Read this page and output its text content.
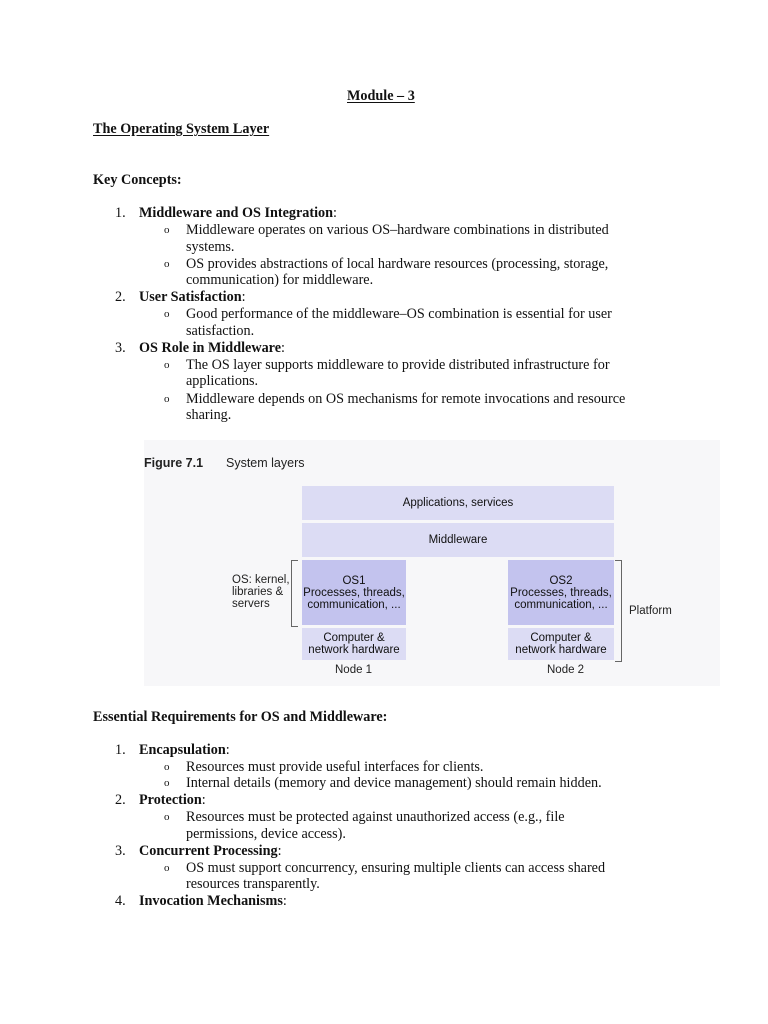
Module – 3
The Operating System Layer
Key Concepts:
1. Middleware and OS Integration:
o Middleware operates on various OS–hardware combinations in distributed
systems.
o OS provides abstractions of local hardware resources (processing, storage,
communication) for middleware.
2. User Satisfaction:
o Good performance of the middleware–OS combination is essential for user
satisfaction.
3. OS Role in Middleware:
o The OS layer supports middleware to provide distributed infrastructure for
applications.
o Middleware depends on OS mechanisms for remote invocations and resource
sharing.
Figure 7.1 System layers
Applications, services
Middleware
OS1
Processes, threads,
communication, ...
Computer &
network hardware
OS2
Processes, threads,
communication, ...
Computer &
network hardware
OS: kernel,
libraries &
servers
Platform
Node 1	Node 2
Essential Requirements for OS and Middleware:
1. Encapsulation:
o Resources must provide useful interfaces for clients.
o Internal details (memory and device management) should remain hidden.
2. Protection:
o Resources must be protected against unauthorized access (e.g., file
permissions, device access).
3. Concurrent Processing:
o OS must support concurrency, ensuring multiple clients can access shared
resources transparently.
4. Invocation Mechanisms:
